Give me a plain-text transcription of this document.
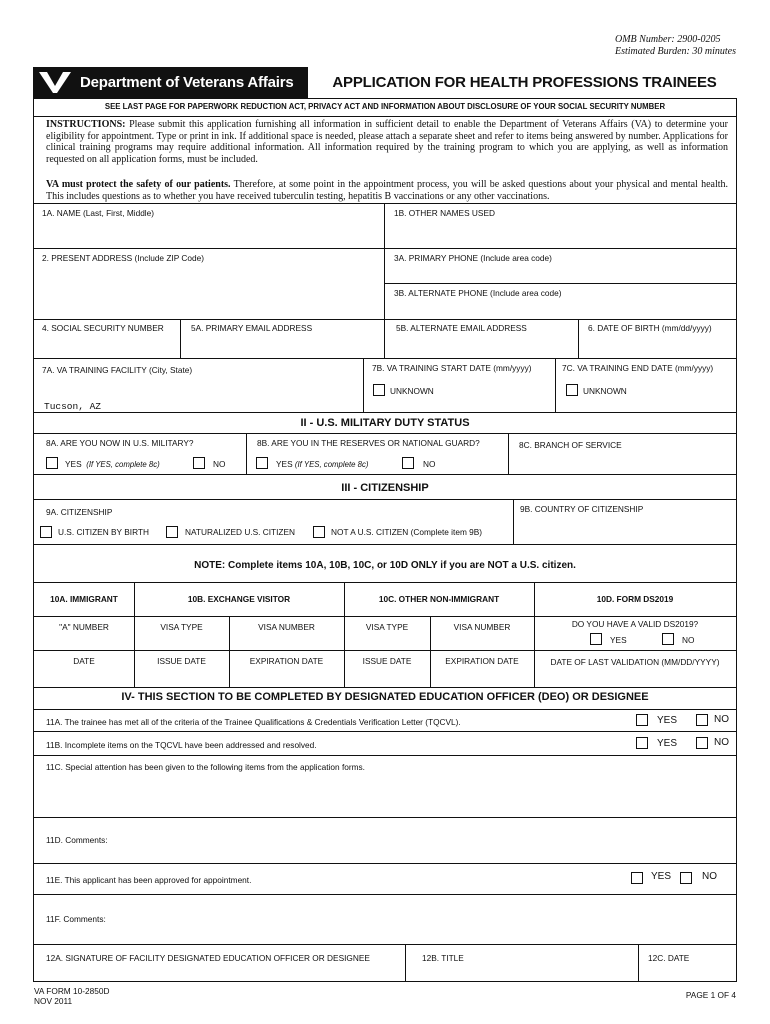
OMB Number: 2900-0205
Estimated Burden: 30 minutes
Department of Veterans Affairs	APPLICATION FOR HEALTH PROFESSIONS TRAINEES
SEE LAST PAGE FOR PAPERWORK REDUCTION ACT, PRIVACY ACT AND INFORMATION ABOUT DISCLOSURE OF YOUR SOCIAL SECURITY NUMBER
INSTRUCTIONS: Please submit this application furnishing all information in sufficient detail to enable the Department of Veterans Affairs (VA) to determine your eligibility for appointment. Type or print in ink. If additional space is needed, please attach a separate sheet and refer to items being answered by number. Applications for clinical training programs may require additional information. All information required by the training program to which you are applying, as well as information requested on all application forms, must be included.
VA must protect the safety of our patients. Therefore, at some point in the appointment process, you will be asked questions about your physical and mental health. This includes questions as to whether you have received tuberculin testing, hepatitis B vaccinations or any other vaccinations.
1A. NAME (Last, First, Middle)	1B. OTHER NAMES USED
2. PRESENT ADDRESS (Include ZIP Code)	3A. PRIMARY PHONE (Include area code)
3B. ALTERNATE PHONE (Include area code)
4. SOCIAL SECURITY NUMBER	5A. PRIMARY EMAIL ADDRESS	5B. ALTERNATE EMAIL ADDRESS	6. DATE OF BIRTH (mm/dd/yyyy)
7A. VA TRAINING FACILITY (City, State)
Tucson, AZ
7B. VA TRAINING START DATE (mm/yyyy)
UNKNOWN
7C. VA TRAINING END DATE (mm/yyyy)
UNKNOWN
II - U.S. MILITARY DUTY STATUS
8A. ARE YOU NOW IN U.S. MILITARY?
YES (If YES, complete 8c)	NO
8B. ARE YOU IN THE RESERVES OR NATIONAL GUARD?
YES (If YES, complete 8c)	NO
8C. BRANCH OF SERVICE
III - CITIZENSHIP
9A. CITIZENSHIP
U.S. CITIZEN BY BIRTH	NATURALIZED U.S. CITIZEN	NOT A U.S. CITIZEN (Complete item 9B)
9B. COUNTRY OF CITIZENSHIP
NOTE: Complete items 10A, 10B, 10C, or 10D ONLY if you are NOT a U.S. citizen.
10A. IMMIGRANT	10B. EXCHANGE VISITOR	10C. OTHER NON-IMMIGRANT	10D. FORM DS2019
"A" NUMBER	VISA TYPE	VISA NUMBER	VISA TYPE	VISA NUMBER	DO YOU HAVE A VALID DS2019?
YES	NO
DATE	ISSUE DATE	EXPIRATION DATE	ISSUE DATE	EXPIRATION DATE	DATE OF LAST VALIDATION (MM/DD/YYYY)
IV- THIS SECTION TO BE COMPLETED BY DESIGNATED EDUCATION OFFICER (DEO) OR DESIGNEE
11A. The trainee has met all of the criteria of the Trainee Qualifications & Credentials Verification Letter (TQCVL).	YES	NO
11B. Incomplete items on the TQCVL have been addressed and resolved.	YES	NO
11C. Special attention has been given to the following items from the application forms.
11D. Comments:
11E. This applicant has been approved for appointment.	YES	NO
11F. Comments:
12A. SIGNATURE OF FACILITY DESIGNATED EDUCATION OFFICER OR DESIGNEE	12B. TITLE	12C. DATE
VA FORM 10-2850D
NOV 2011
PAGE 1 OF 4
